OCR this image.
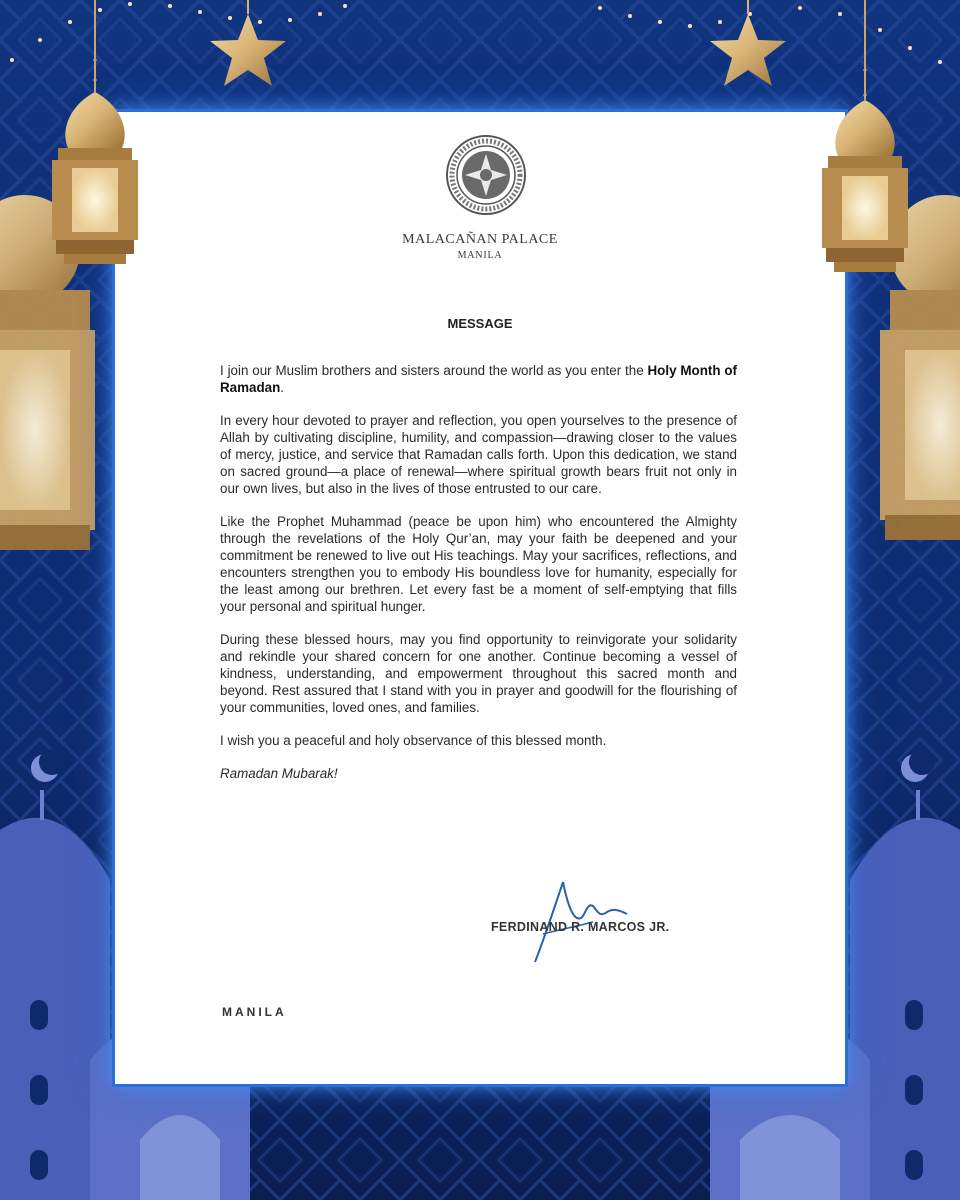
MALACAÑAN PALACE
MANILA
MESSAGE

I join our Muslim brothers and sisters around the world as you enter the Holy Month of Ramadan.

In every hour devoted to prayer and reflection, you open yourselves to the presence of Allah by cultivating discipline, humility, and compassion—drawing closer to the values of mercy, justice, and service that Ramadan calls forth. Upon this dedication, we stand on sacred ground—a place of renewal—where spiritual growth bears fruit not only in our own lives, but also in the lives of those entrusted to our care.

Like the Prophet Muhammad (peace be upon him) who encountered the Almighty through the revelations of the Holy Qur’an, may your faith be deepened and your commitment be renewed to live out His teachings. May your sacrifices, reflections, and encounters strengthen you to embody His boundless love for humanity, especially for the least among our brethren. Let every fast be a moment of self-emptying that fills your personal and spiritual hunger.

During these blessed hours, may you find opportunity to reinvigorate your solidarity and rekindle your shared concern for one another. Continue becoming a vessel of kindness, understanding, and empowerment throughout this sacred month and beyond. Rest assured that I stand with you in prayer and goodwill for the flourishing of your communities, loved ones, and families.

I wish you a peaceful and holy observance of this blessed month.

Ramadan Mubarak!

FERDINAND R. MARCOS JR.
MANILA
